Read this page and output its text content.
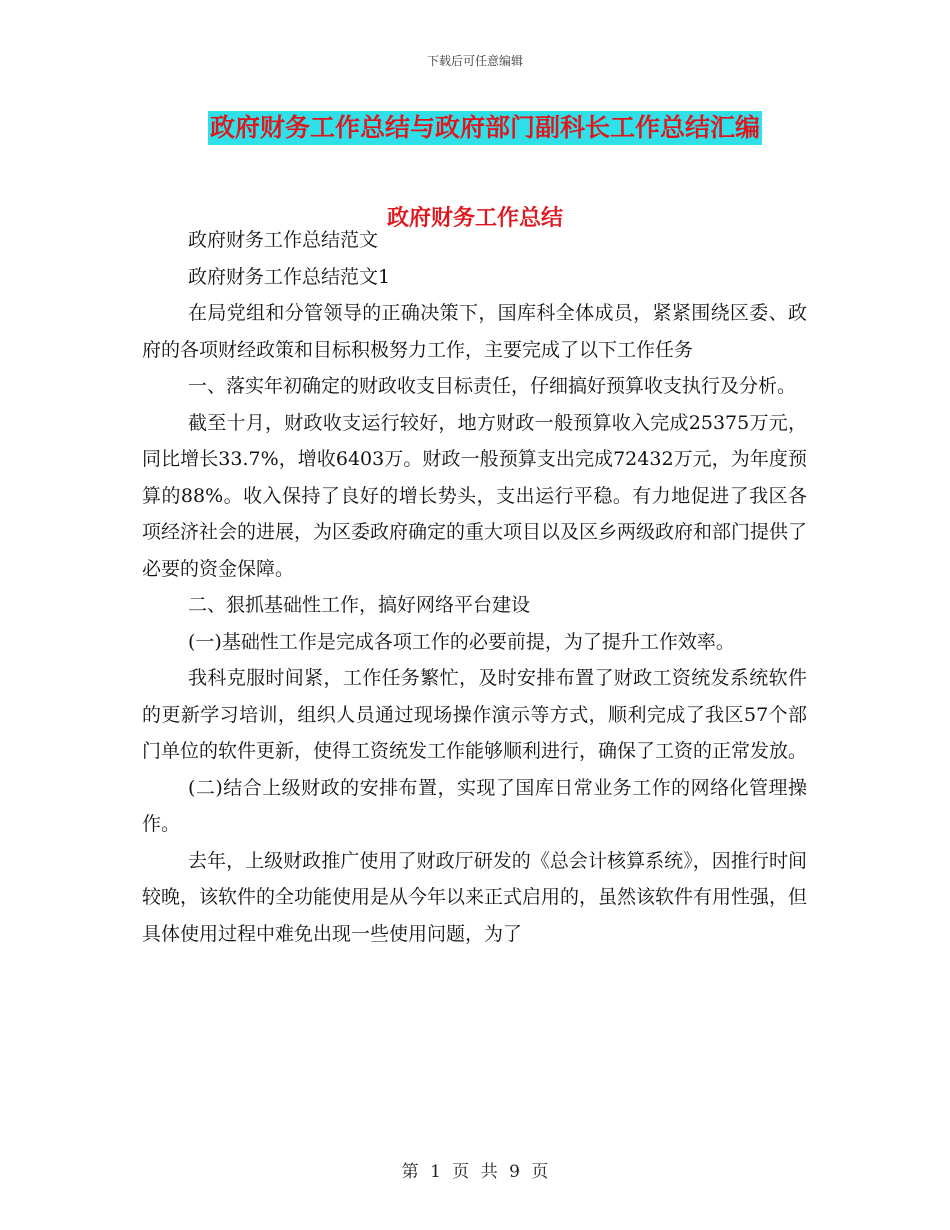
下载后可任意编辑
政府财务工作总结与政府部门副科长工作总结汇编
政府财务工作总结

政府财务工作总结范文

政府财务工作总结范文1

在局党组和分管领导的正确决策下，国库科全体成员，紧紧围绕区委、政府的各项财经政策和目标积极努力工作，主要完成了以下工作任务

一、落实年初确定的财政收支目标责任，仔细搞好预算收支执行及分析。

截至十月，财政收支运行较好，地方财政一般预算收入完成25375万元，同比增长33.7%，增收6403万。财政一般预算支出完成72432万元，为年度预算的88%。收入保持了良好的增长势头，支出运行平稳。有力地促进了我区各项经济社会的进展，为区委政府确定的重大项目以及区乡两级政府和部门提供了必要的资金保障。

二、狠抓基础性工作，搞好网络平台建设

(一)基础性工作是完成各项工作的必要前提，为了提升工作效率。

我科克服时间紧，工作任务繁忙，及时安排布置了财政工资统发系统软件的更新学习培训，组织人员通过现场操作演示等方式，顺利完成了我区57个部门单位的软件更新，使得工资统发工作能够顺利进行，确保了工资的正常发放。

(二)结合上级财政的安排布置，实现了国库日常业务工作的网络化管理操作。

去年，上级财政推广使用了财政厅研发的《总会计核算系统》，因推行时间较晚，该软件的全功能使用是从今年以来正式启用的，虽然该软件有用性强，但具体使用过程中难免出现一些使用问题，为了

第 1 页 共 9 页
